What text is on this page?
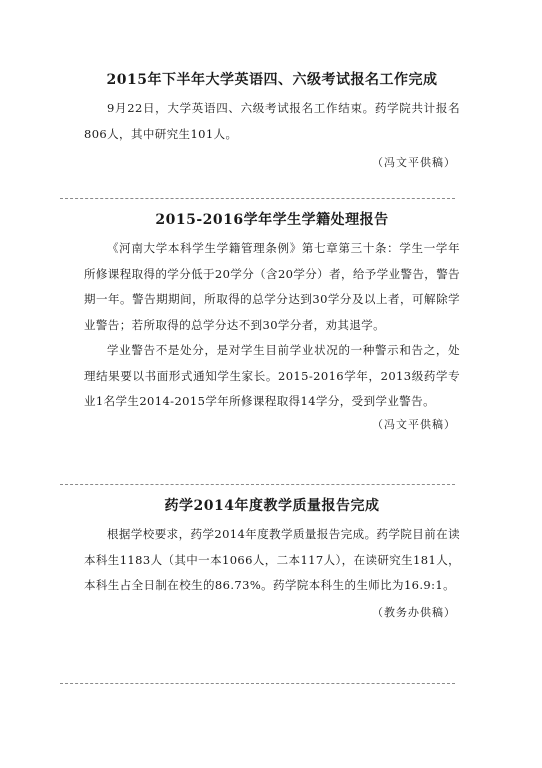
2015年下半年大学英语四、六级考试报名工作完成

9月22日，大学英语四、六级考试报名工作结束。药学院共计报名806人，其中研究生101人。

（冯文平供稿）

2015-2016学年学生学籍处理报告

《河南大学本科学生学籍管理条例》第七章第三十条：学生一学年所修课程取得的学分低于20学分（含20学分）者，给予学业警告，警告期一年。警告期期间，所取得的总学分达到30学分及以上者，可解除学业警告；若所取得的总学分达不到30学分者，劝其退学。

学业警告不是处分，是对学生目前学业状况的一种警示和告之，处理结果要以书面形式通知学生家长。2015-2016学年，2013级药学专业1名学生2014-2015学年所修课程取得14学分，受到学业警告。

（冯文平供稿）

药学2014年度教学质量报告完成

根据学校要求，药学2014年度教学质量报告完成。药学院目前在读本科生1183人（其中一本1066人，二本117人），在读研究生181人，本科生占全日制在校生的86.73%。药学院本科生的生师比为16.9:1。

（教务办供稿）
